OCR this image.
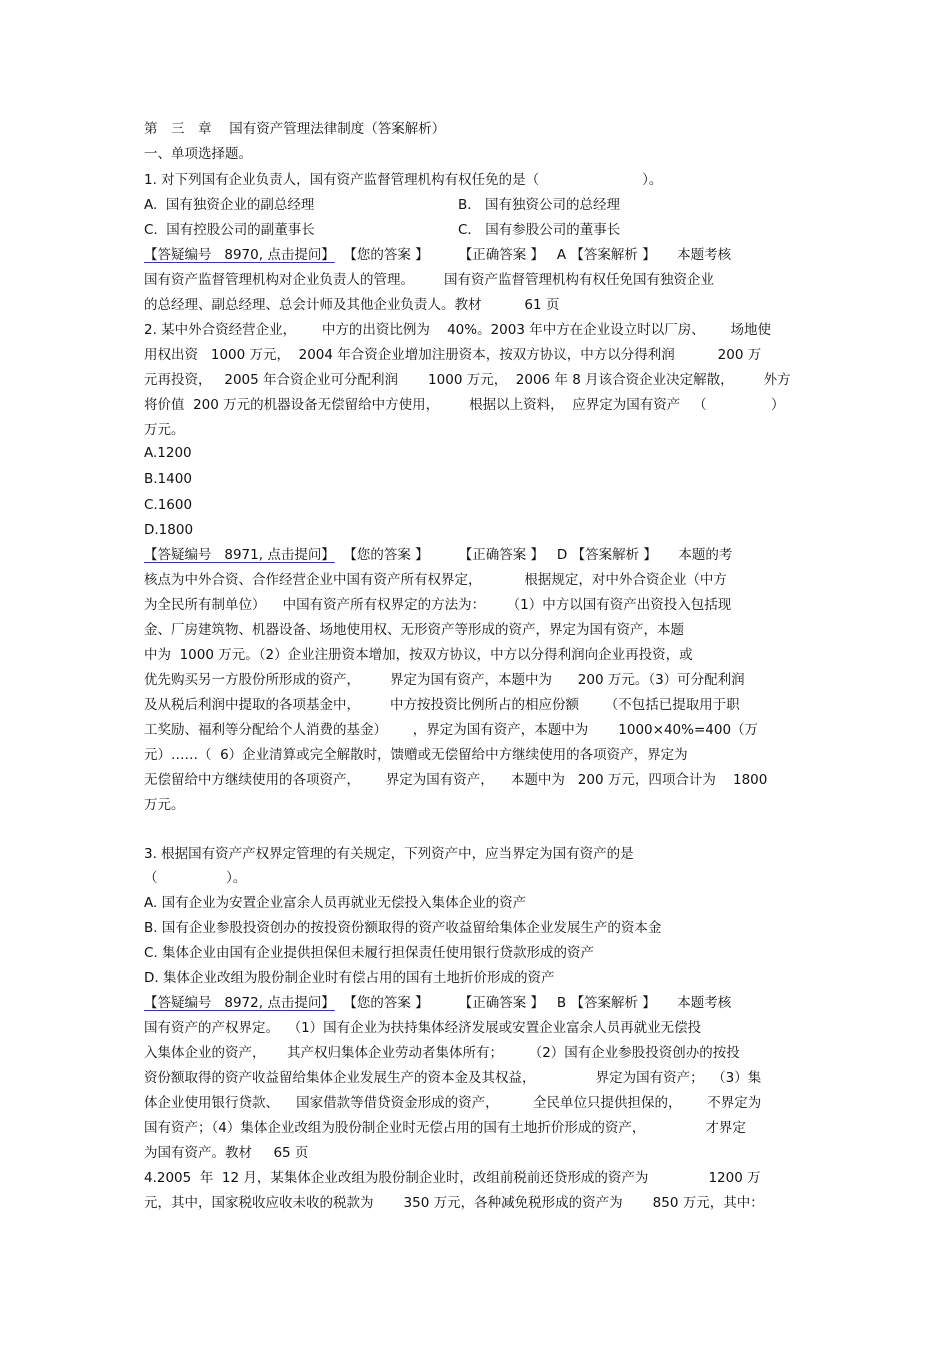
第　三　章　 国有资产管理法律制度（答案解析）
一、单项选择题。
1. 对下列国有企业负责人，国有资产监督管理机构有权任免的是（                        ）。
A.  国有独资企业的副总经理	B． 国有独资公司的总经理
C.  国有控股公司的副董事长	C． 国有参股公司的董事长
【答疑编号   8970, 点击提问】  【您的答案 】       【正确答案 】   A 【答案解析 】     本题考核
国有资产监督管理机构对企业负责人的管理。       国有资产监督管理机构有权任免国有独资企业
的总经理、副总经理、总会计师及其他企业负责人。教材          61 页
2. 某中外合资经营企业，      中方的出资比例为    40%。2003 年中方在企业设立时以厂房、      场地使
用权出资   1000 万元，  2004 年合资企业增加注册资本，按双方协议，中方以分得利润          200 万
元再投资，   2005 年合资企业可分配利润       1000 万元，  2006 年 8 月该合资企业决定解散，       外方
将价值  200 万元的机器设备无偿留给中方使用，       根据以上资料，  应界定为国有资产   （               ）
万元。
A.1200
B.1400
C.1600
D.1800
【答疑编号   8971, 点击提问】  【您的答案 】       【正确答案 】   D 【答案解析 】     本题的考
核点为中外合资、合作经营企业中国有资产所有权界定，          根据规定，对中外合资企业（中方
为全民所有制单位）    中国有资产所有权界定的方法为：     （1）中方以国有资产出资投入包括现
金、厂房建筑物、机器设备、场地使用权、无形资产等形成的资产，界定为国有资产，本题
中为  1000 万元。（2）企业注册资本增加，按双方协议，中方以分得利润向企业再投资，或
优先购买另一方股份所形成的资产，       界定为国有资产，本题中为      200 万元。（3）可分配利润
及从税后利润中提取的各项基金中，       中方按投资比例所占的相应份额      （不包括已提取用于职
工奖励、福利等分配给个人消费的基金）      ，界定为国有资产，本题中为       1000×40%=400（万
元）……（  6）企业清算或完全解散时，馈赠或无偿留给中方继续使用的各项资产，界定为
无偿留给中方继续使用的各项资产，      界定为国有资产，    本题中为   200 万元，四项合计为    1800
万元。
3. 根据国有资产产权界定管理的有关规定，下列资产中，应当界定为国有资产的是
（                ）。
A. 国有企业为安置企业富余人员再就业无偿投入集体企业的资产
B. 国有企业参股投资创办的按投资份额取得的资产收益留给集体企业发展生产的资本金
C. 集体企业由国有企业提供担保但未履行担保责任使用银行贷款形成的资产
D. 集体企业改组为股份制企业时有偿占用的国有土地折价形成的资产
【答疑编号   8972, 点击提问】  【您的答案 】       【正确答案 】   B 【答案解析 】     本题考核
国有资产的产权界定。  （1）国有企业为扶持集体经济发展或安置企业富余人员再就业无偿投
入集体企业的资产，     其产权归集体企业劳动者集体所有；      （2）国有企业参股投资创办的按投
资份额取得的资产收益留给集体企业发展生产的资本金及其权益，              界定为国有资产；  （3）集
体企业使用银行贷款、    国家借款等借贷资金形成的资产，        全民单位只提供担保的，      不界定为
国有资产；（4）集体企业改组为股份制企业时无偿占用的国有土地折价形成的资产，              才界定
为国有资产。教材     65 页
4.2005  年  12 月，某集体企业改组为股份制企业时，改组前税前还贷形成的资产为              1200 万
元，其中，国家税收应收未收的税款为       350 万元，各种减免税形成的资产为       850 万元，其中：
